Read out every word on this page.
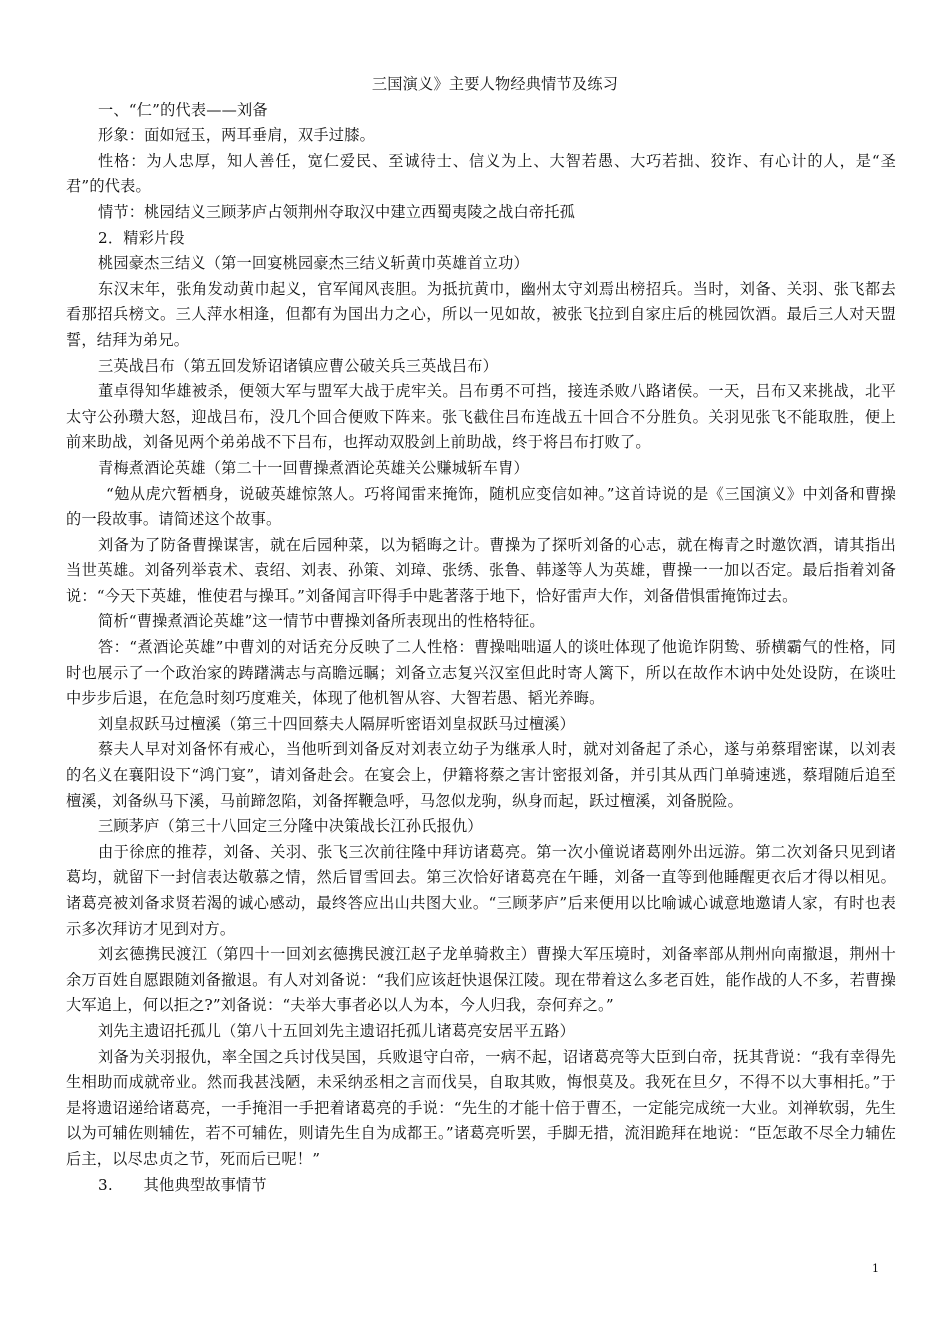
三国演义》主要人物经典情节及练习

一、“仁”的代表——刘备

形象：面如冠玉，两耳垂肩，双手过膝。

性格：为人忠厚，知人善任，宽仁爱民、至诚待士、信义为上、大智若愚、大巧若拙、狡诈、有心计的人，是“圣君”的代表。

情节：桃园结义三顾茅庐占领荆州夺取汉中建立西蜀夷陵之战白帝托孤

2．精彩片段

桃园豪杰三结义（第一回宴桃园豪杰三结义斩黄巾英雄首立功）

东汉末年，张角发动黄巾起义，官军闻风丧胆。为抵抗黄巾，幽州太守刘焉出榜招兵。当时，刘备、关羽、张飞都去看那招兵榜文。三人萍水相逢，但都有为国出力之心，所以一见如故，被张飞拉到自家庄后的桃园饮酒。最后三人对天盟誓，结拜为弟兄。

三英战吕布（第五回发矫诏诸镇应曹公破关兵三英战吕布）

董卓得知华雄被杀，便领大军与盟军大战于虎牢关。吕布勇不可挡，接连杀败八路诸侯。一天，吕布又来挑战，北平太守公孙瓒大怒，迎战吕布，没几个回合便败下阵来。张飞截住吕布连战五十回合不分胜负。关羽见张飞不能取胜，便上前来助战，刘备见两个弟弟战不下吕布，也挥动双股剑上前助战，终于将吕布打败了。

青梅煮酒论英雄（第二十一回曹操煮酒论英雄关公赚城斩车胄）

“勉从虎穴暂栖身，说破英雄惊煞人。巧将闻雷来掩饰，随机应变信如神。”这首诗说的是《三国演义》中刘备和曹操的一段故事。请简述这个故事。

刘备为了防备曹操谋害，就在后园种菜，以为韬晦之计。曹操为了探听刘备的心志，就在梅青之时邀饮酒，请其指出当世英雄。刘备列举袁术、袁绍、刘表、孙策、刘璋、张绣、张鲁、韩遂等人为英雄，曹操一一加以否定。最后指着刘备说：“今天下英雄，惟使君与操耳。”刘备闻言吓得手中匙著落于地下，恰好雷声大作，刘备借惧雷掩饰过去。

简析“曹操煮酒论英雄”这一情节中曹操刘备所表现出的性格特征。

答：“煮酒论英雄”中曹刘的对话充分反映了二人性格：曹操咄咄逼人的谈吐体现了他诡诈阴鸷、骄横霸气的性格，同时也展示了一个政治家的踌躇满志与高瞻远瞩；刘备立志复兴汉室但此时寄人篱下，所以在故作木讷中处处设防，在谈吐中步步后退，在危急时刻巧度难关，体现了他机智从容、大智若愚、韬光养晦。

刘皇叔跃马过檀溪（第三十四回蔡夫人隔屏听密语刘皇叔跃马过檀溪）

蔡夫人早对刘备怀有戒心，当他听到刘备反对刘表立幼子为继承人时，就对刘备起了杀心，遂与弟蔡瑁密谋，以刘表的名义在襄阳设下“鸿门宴”，请刘备赴会。在宴会上，伊籍将蔡之害计密报刘备，并引其从西门单骑速逃，蔡瑁随后追至檀溪，刘备纵马下溪，马前蹄忽陷，刘备挥鞭急呼，马忽似龙驹，纵身而起，跃过檀溪，刘备脱险。

三顾茅庐（第三十八回定三分隆中决策战长江孙氏报仇）

由于徐庶的推荐，刘备、关羽、张飞三次前往隆中拜访诸葛亮。第一次小僮说诸葛刚外出远游。第二次刘备只见到诸葛均，就留下一封信表达敬慕之情，然后冒雪回去。第三次恰好诸葛亮在午睡，刘备一直等到他睡醒更衣后才得以相见。诸葛亮被刘备求贤若渴的诚心感动，最终答应出山共图大业。“三顾茅庐”后来便用以比喻诚心诚意地邀请人家，有时也表示多次拜访才见到对方。

刘玄德携民渡江（第四十一回刘玄德携民渡江赵子龙单骑救主）曹操大军压境时，刘备率部从荆州向南撤退，荆州十余万百姓自愿跟随刘备撤退。有人对刘备说：“我们应该赶快退保江陵。现在带着这么多老百姓，能作战的人不多，若曹操大军追上，何以拒之?”刘备说：“夫举大事者必以人为本，今人归我，奈何弃之。”

刘先主遗诏托孤儿（第八十五回刘先主遗诏托孤儿诸葛亮安居平五路）

刘备为关羽报仇，率全国之兵讨伐吴国，兵败退守白帝，一病不起，诏诸葛亮等大臣到白帝，抚其背说：“我有幸得先生相助而成就帝业。然而我甚浅陋，未采纳丞相之言而伐吴，自取其败，悔恨莫及。我死在旦夕，不得不以大事相托。”于是将遗诏递给诸葛亮，一手掩泪一手把着诸葛亮的手说：“先生的才能十倍于曹丕，一定能完成统一大业。刘禅软弱，先生以为可辅佐则辅佐，若不可辅佐，则请先生自为成都王。”诸葛亮听罢，手脚无措，流泪跪拜在地说：“臣怎敢不尽全力辅佐后主，以尽忠贞之节，死而后已呢！”

3.　　其他典型故事情节

1
